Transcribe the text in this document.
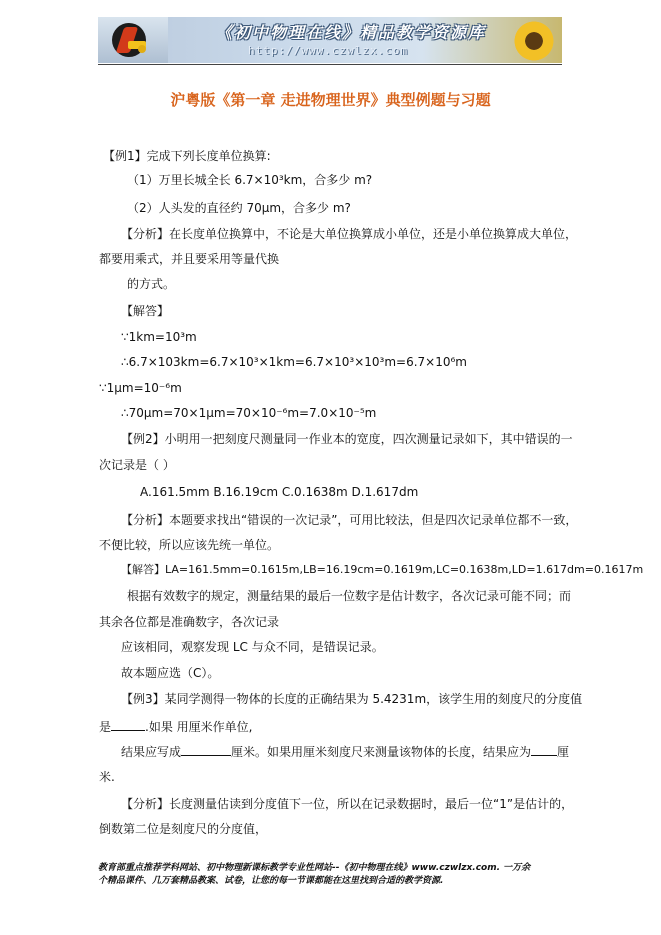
《初中物理在线》精品教学资源库
http://www.czwlzx.com
沪粤版《第一章 走进物理世界》典型例题与习题
【例1】完成下列长度单位换算:
（1）万里长城全长 6.7×10³km，合多少 m?
（2）人头发的直径约 70μm，合多少 m?
【分析】在长度单位换算中，不论是大单位换算成小单位，还是小单位换算成大单位，
都要用乘式，并且要采用等量代换
的方式。
【解答】
∵1km=10³m
∴6.7×103km=6.7×10³×1km=6.7×10³×10³m=6.7×10⁶m
∵1μm=10⁻⁶m
∴70μm=70×1μm=70×10⁻⁶m=7.0×10⁻⁵m
【例2】小明用一把刻度尺测量同一作业本的宽度，四次测量记录如下，其中错误的一
次记录是（ ）
A.161.5mm B.16.19cm C.0.1638m D.1.617dm
【分析】本题要求找出“错误的一次记录”，可用比较法，但是四次记录单位都不一致，
不便比较，所以应该先统一单位。
【解答】LA=161.5mm=0.1615m,LB=16.19cm=0.1619m,LC=0.1638m,LD=1.617dm=0.1617m
根据有效数字的规定，测量结果的最后一位数字是估计数字，各次记录可能不同；而
其余各位都是准确数字，各次记录
应该相同，观察发现 LC 与众不同，是错误记录。
故本题应选（C）。
【例3】某同学测得一物体的长度的正确结果为 5.4231m，该学生用的刻度尺的分度值
是	.如果 用厘米作单位,
结果应写成	厘米。如果用厘米刻度尺来测量该物体的长度，结果应为 厘
米.
【分析】长度测量估读到分度值下一位，所以在记录数据时，最后一位“1”是估计的，
倒数第二位是刻度尺的分度值，
教育部重点推荐学科网站、初中物理新课标教学专业性网站--《初中物理在线》www.czwlzx.com. 一万余
个精品课件、几万套精品教案、试卷，让您的每一节课都能在这里找到合适的教学资源.
